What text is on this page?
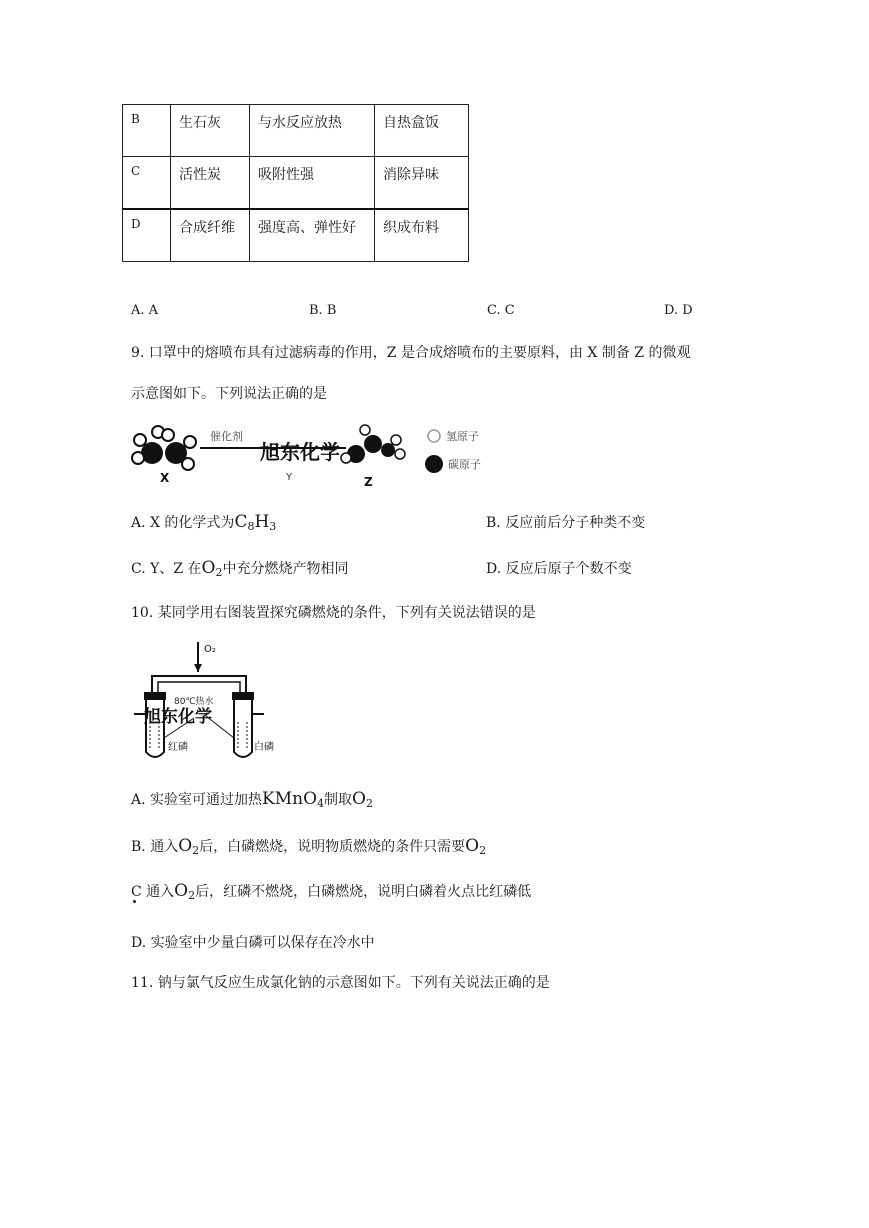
B	生石灰	与水反应放热	自热盒饭
C	活性炭	吸附性强	消除异味
D	合成纤维	强度高、弹性好	织成布料
A. A	B. B	C. C	D. D
9. 口罩中的熔喷布具有过滤病毒的作用，Z 是合成熔喷布的主要原料，由 X 制备 Z 的微观
示意图如下。下列说法正确的是
X
催化剂
旭东化学
Y	Z
氢原子
碳原子
A. X 的化学式为$C_8H_3$	B. 反应前后分子种类不变
C. Y、Z 在$O_2$中充分燃烧产物相同	D. 反应后原子个数不变
10. 某同学用右图装置探究磷燃烧的条件，下列有关说法错误的是
O₂
80℃热水
旭东化学
红磷	白磷
A. 实验室可通过加热KMnO$_4$制取$O_2$
B. 通入$O_2$后，白磷燃烧，说明物质燃烧的条件只需要$O_2$
C 通入$O_2$后，红磷不燃烧，白磷燃烧，说明白磷着火点比红磷低
D. 实验室中少量白磷可以保存在冷水中
11. 钠与氯气反应生成氯化钠的示意图如下。下列有关说法正确的是
